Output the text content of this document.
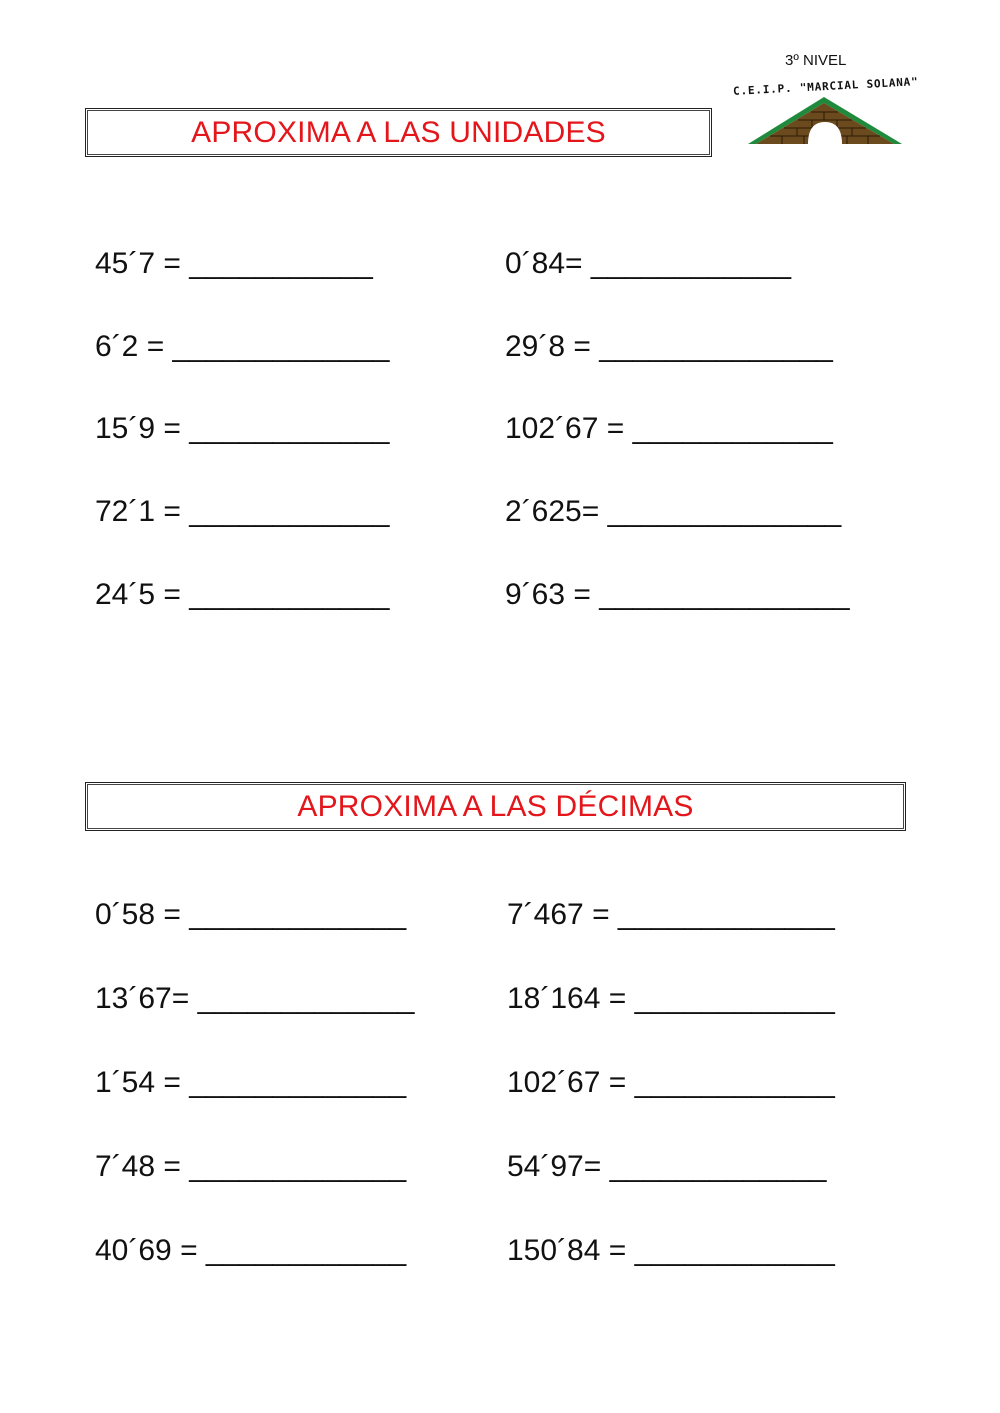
3º NIVEL
C.E.I.P. "MARCIAL SOLANA"
APROXIMA A LAS UNIDADES
45´7 = ___________
6´2 = _____________
15´9 = ____________
72´1 = ____________
24´5 = ____________
0´84= ____________
29´8 = ______________
102´67 = ____________
2´625= ______________
9´63 = _______________
APROXIMA A LAS DÉCIMAS
0´58 = _____________
13´67= _____________
1´54 = _____________
7´48 = _____________
40´69 = ____________
7´467 = _____________
18´164 = ____________
102´67 = ____________
54´97= _____________
150´84 = ____________
